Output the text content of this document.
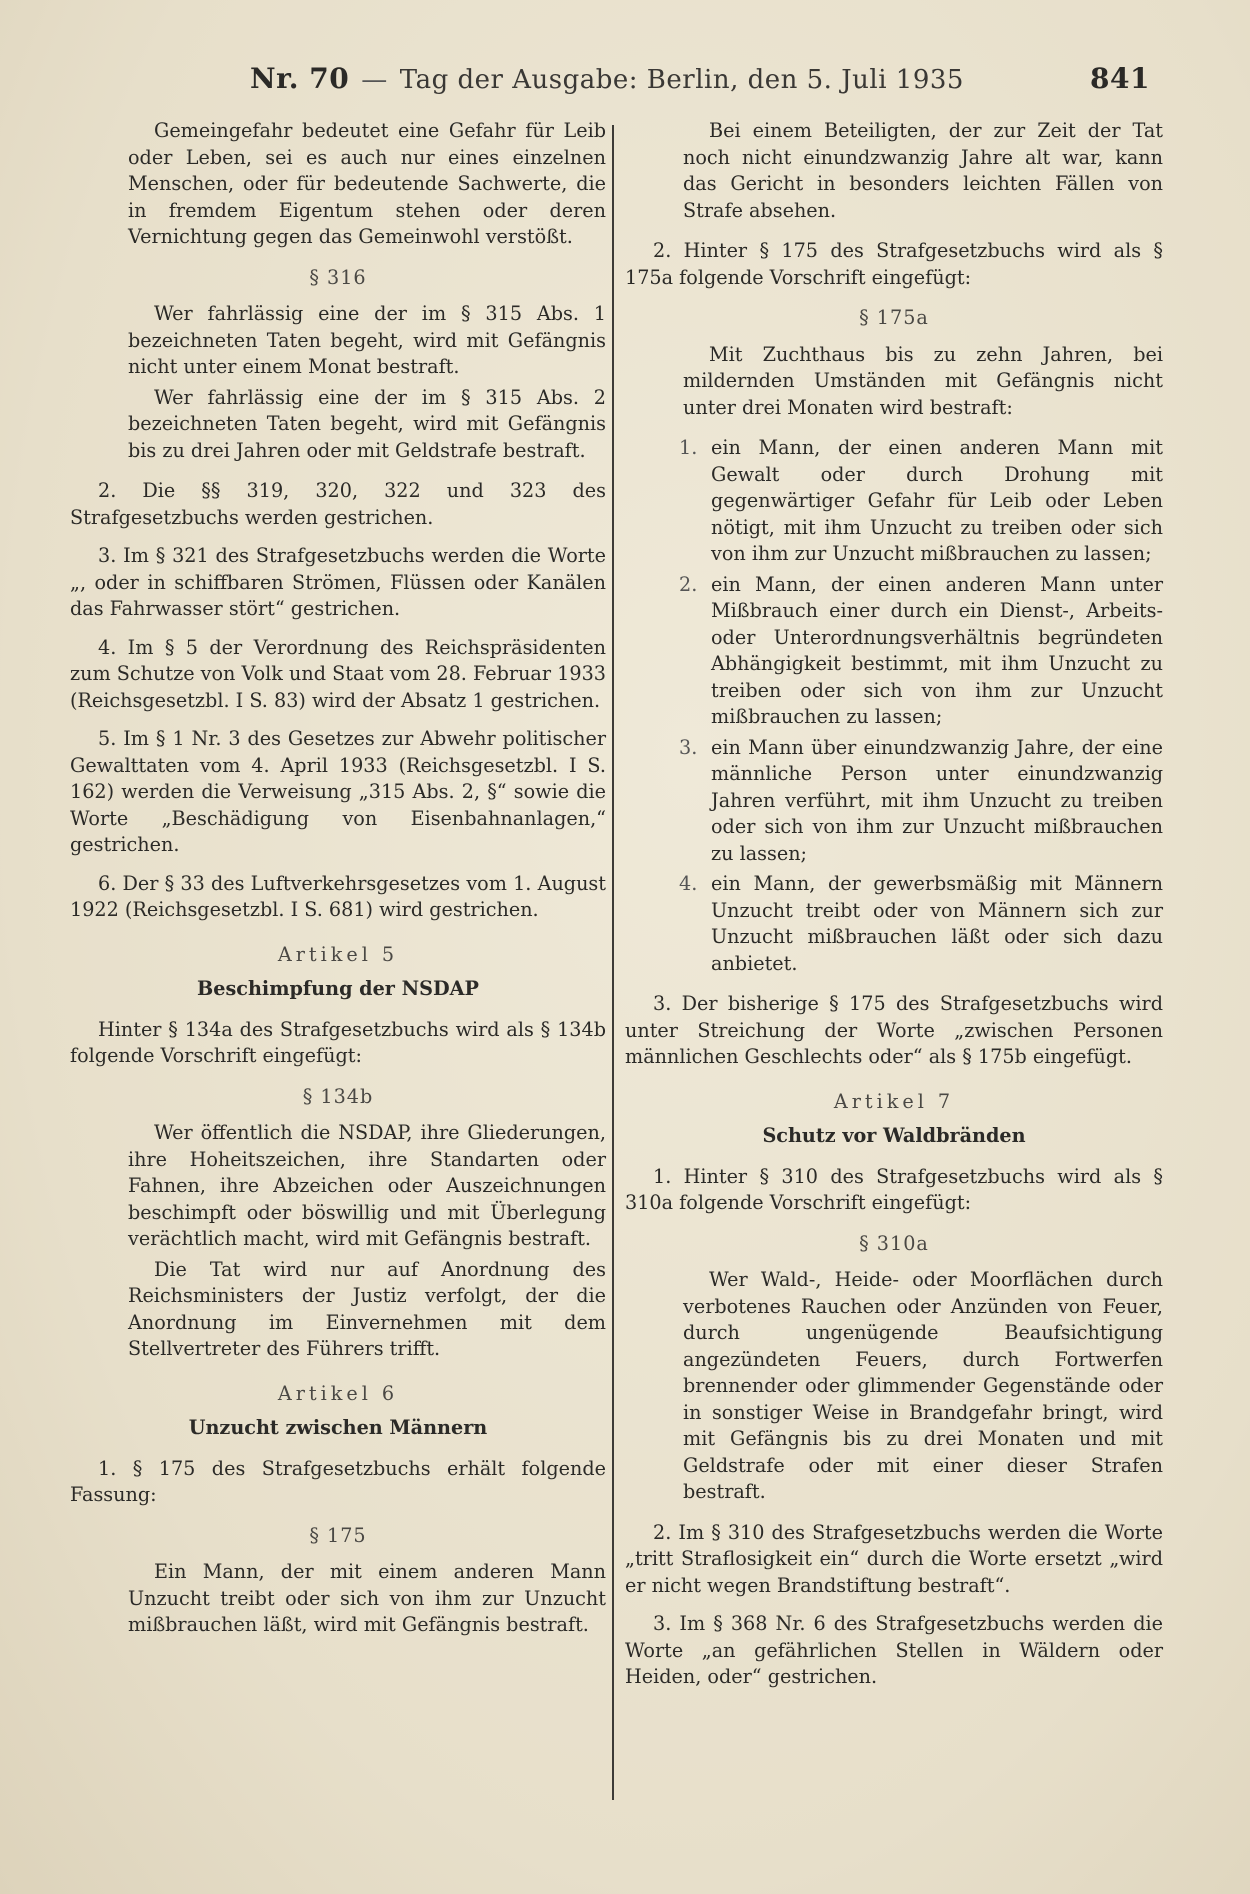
Nr. 70 — Tag der Ausgabe: Berlin, den 5. Juli 1935	841

Gemeingefahr bedeutet eine Gefahr für Leib oder Leben, sei es auch nur eines einzelnen Menschen, oder für bedeutende Sachwerte, die in fremdem Eigentum stehen oder deren Vernichtung gegen das Gemeinwohl verstößt.

§ 316

Wer fahrlässig eine der im § 315 Abs. 1 bezeichneten Taten begeht, wird mit Gefängnis nicht unter einem Monat bestraft.

Wer fahrlässig eine der im § 315 Abs. 2 bezeichneten Taten begeht, wird mit Gefängnis bis zu drei Jahren oder mit Geldstrafe bestraft.

2. Die §§ 319, 320, 322 und 323 des Strafgesetzbuchs werden gestrichen.

3. Im § 321 des Strafgesetzbuchs werden die Worte „, oder in schiffbaren Strömen, Flüssen oder Kanälen das Fahrwasser stört“ gestrichen.

4. Im § 5 der Verordnung des Reichspräsidenten zum Schutze von Volk und Staat vom 28. Februar 1933 (Reichsgesetzbl. I S. 83) wird der Absatz 1 gestrichen.

5. Im § 1 Nr. 3 des Gesetzes zur Abwehr politischer Gewalttaten vom 4. April 1933 (Reichsgesetzbl. I S. 162) werden die Verweisung „315 Abs. 2, §“ sowie die Worte „Beschädigung von Eisenbahnanlagen,“ gestrichen.

6. Der § 33 des Luftverkehrsgesetzes vom 1. August 1922 (Reichsgesetzbl. I S. 681) wird gestrichen.

Artikel 5
Beschimpfung der NSDAP

Hinter § 134a des Strafgesetzbuchs wird als § 134b folgende Vorschrift eingefügt:

§ 134b

Wer öffentlich die NSDAP, ihre Gliederungen, ihre Hoheitszeichen, ihre Standarten oder Fahnen, ihre Abzeichen oder Auszeichnungen beschimpft oder böswillig und mit Überlegung verächtlich macht, wird mit Gefängnis bestraft.

Die Tat wird nur auf Anordnung des Reichsministers der Justiz verfolgt, der die Anordnung im Einvernehmen mit dem Stellvertreter des Führers trifft.

Artikel 6
Unzucht zwischen Männern

1. § 175 des Strafgesetzbuchs erhält folgende Fassung:

§ 175

Ein Mann, der mit einem anderen Mann Unzucht treibt oder sich von ihm zur Unzucht mißbrauchen läßt, wird mit Gefängnis bestraft.

Bei einem Beteiligten, der zur Zeit der Tat noch nicht einundzwanzig Jahre alt war, kann das Gericht in besonders leichten Fällen von Strafe absehen.

2. Hinter § 175 des Strafgesetzbuchs wird als § 175a folgende Vorschrift eingefügt:

§ 175a

Mit Zuchthaus bis zu zehn Jahren, bei mildernden Umständen mit Gefängnis nicht unter drei Monaten wird bestraft:

1. ein Mann, der einen anderen Mann mit Gewalt oder durch Drohung mit gegenwärtiger Gefahr für Leib oder Leben nötigt, mit ihm Unzucht zu treiben oder sich von ihm zur Unzucht mißbrauchen zu lassen;
2. ein Mann, der einen anderen Mann unter Mißbrauch einer durch ein Dienst-, Arbeits- oder Unterordnungsverhältnis begründeten Abhängigkeit bestimmt, mit ihm Unzucht zu treiben oder sich von ihm zur Unzucht mißbrauchen zu lassen;
3. ein Mann über einundzwanzig Jahre, der eine männliche Person unter einundzwanzig Jahren verführt, mit ihm Unzucht zu treiben oder sich von ihm zur Unzucht mißbrauchen zu lassen;
4. ein Mann, der gewerbsmäßig mit Männern Unzucht treibt oder von Männern sich zur Unzucht mißbrauchen läßt oder sich dazu anbietet.

3. Der bisherige § 175 des Strafgesetzbuchs wird unter Streichung der Worte „zwischen Personen männlichen Geschlechts oder“ als § 175b eingefügt.

Artikel 7
Schutz vor Waldbränden

1. Hinter § 310 des Strafgesetzbuchs wird als § 310a folgende Vorschrift eingefügt:

§ 310a

Wer Wald-, Heide- oder Moorflächen durch verbotenes Rauchen oder Anzünden von Feuer, durch ungenügende Beaufsichtigung angezündeten Feuers, durch Fortwerfen brennender oder glimmender Gegenstände oder in sonstiger Weise in Brandgefahr bringt, wird mit Gefängnis bis zu drei Monaten und mit Geldstrafe oder mit einer dieser Strafen bestraft.

2. Im § 310 des Strafgesetzbuchs werden die Worte „tritt Straflosigkeit ein“ durch die Worte ersetzt „wird er nicht wegen Brandstiftung bestraft“.

3. Im § 368 Nr. 6 des Strafgesetzbuchs werden die Worte „an gefährlichen Stellen in Wäldern oder Heiden, oder“ gestrichen.
